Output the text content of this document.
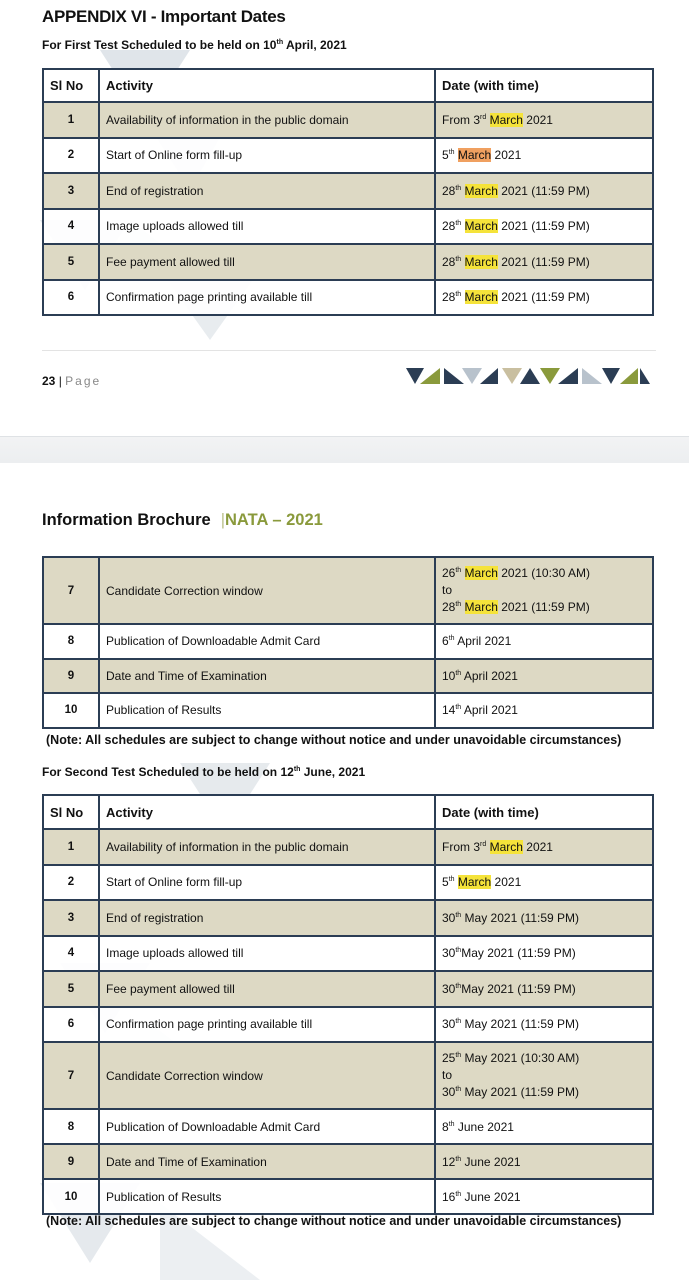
APPENDIX VI - Important Dates
For First Test Scheduled to be held on 10th April, 2021
Sl No	Activity	Date (with time)
1	Availability of information in the public domain	From 3rd March 2021
2	Start of Online form fill-up	5th March 2021
3	End of registration	28th March 2021 (11:59 PM)
4	Image uploads allowed till	28th March 2021 (11:59 PM)
5	Fee payment allowed till	28th March 2021 (11:59 PM)
6	Confirmation page printing available till	28th March 2021 (11:59 PM)
23 | Page
Information Brochure |NATA – 2021
7	Candidate Correction window	26th March 2021 (10:30 AM)
to
28th March 2021 (11:59 PM)

8	Publication of Downloadable Admit Card	6th April 2021
9	Date and Time of Examination	10th April 2021
10	Publication of Results	14th April 2021
(Note: All schedules are subject to change without notice and under unavoidable circumstances)
For Second Test Scheduled to be held on 12th June, 2021
Sl No	Activity	Date (with time)
1	Availability of information in the public domain	From 3rd March 2021
2	Start of Online form fill-up	5th March 2021
3	End of registration	30th May 2021 (11:59 PM)
4	Image uploads allowed till	30thMay 2021 (11:59 PM)
5	Fee payment allowed till	30thMay 2021 (11:59 PM)
6	Confirmation page printing available till	30th May 2021 (11:59 PM)
7	Candidate Correction window	25th May 2021 (10:30 AM)
to
30th May 2021 (11:59 PM)

8	Publication of Downloadable Admit Card	8th June 2021
9	Date and Time of Examination	12th June 2021
10	Publication of Results	16th June 2021
(Note: All schedules are subject to change without notice and under unavoidable circumstances)
